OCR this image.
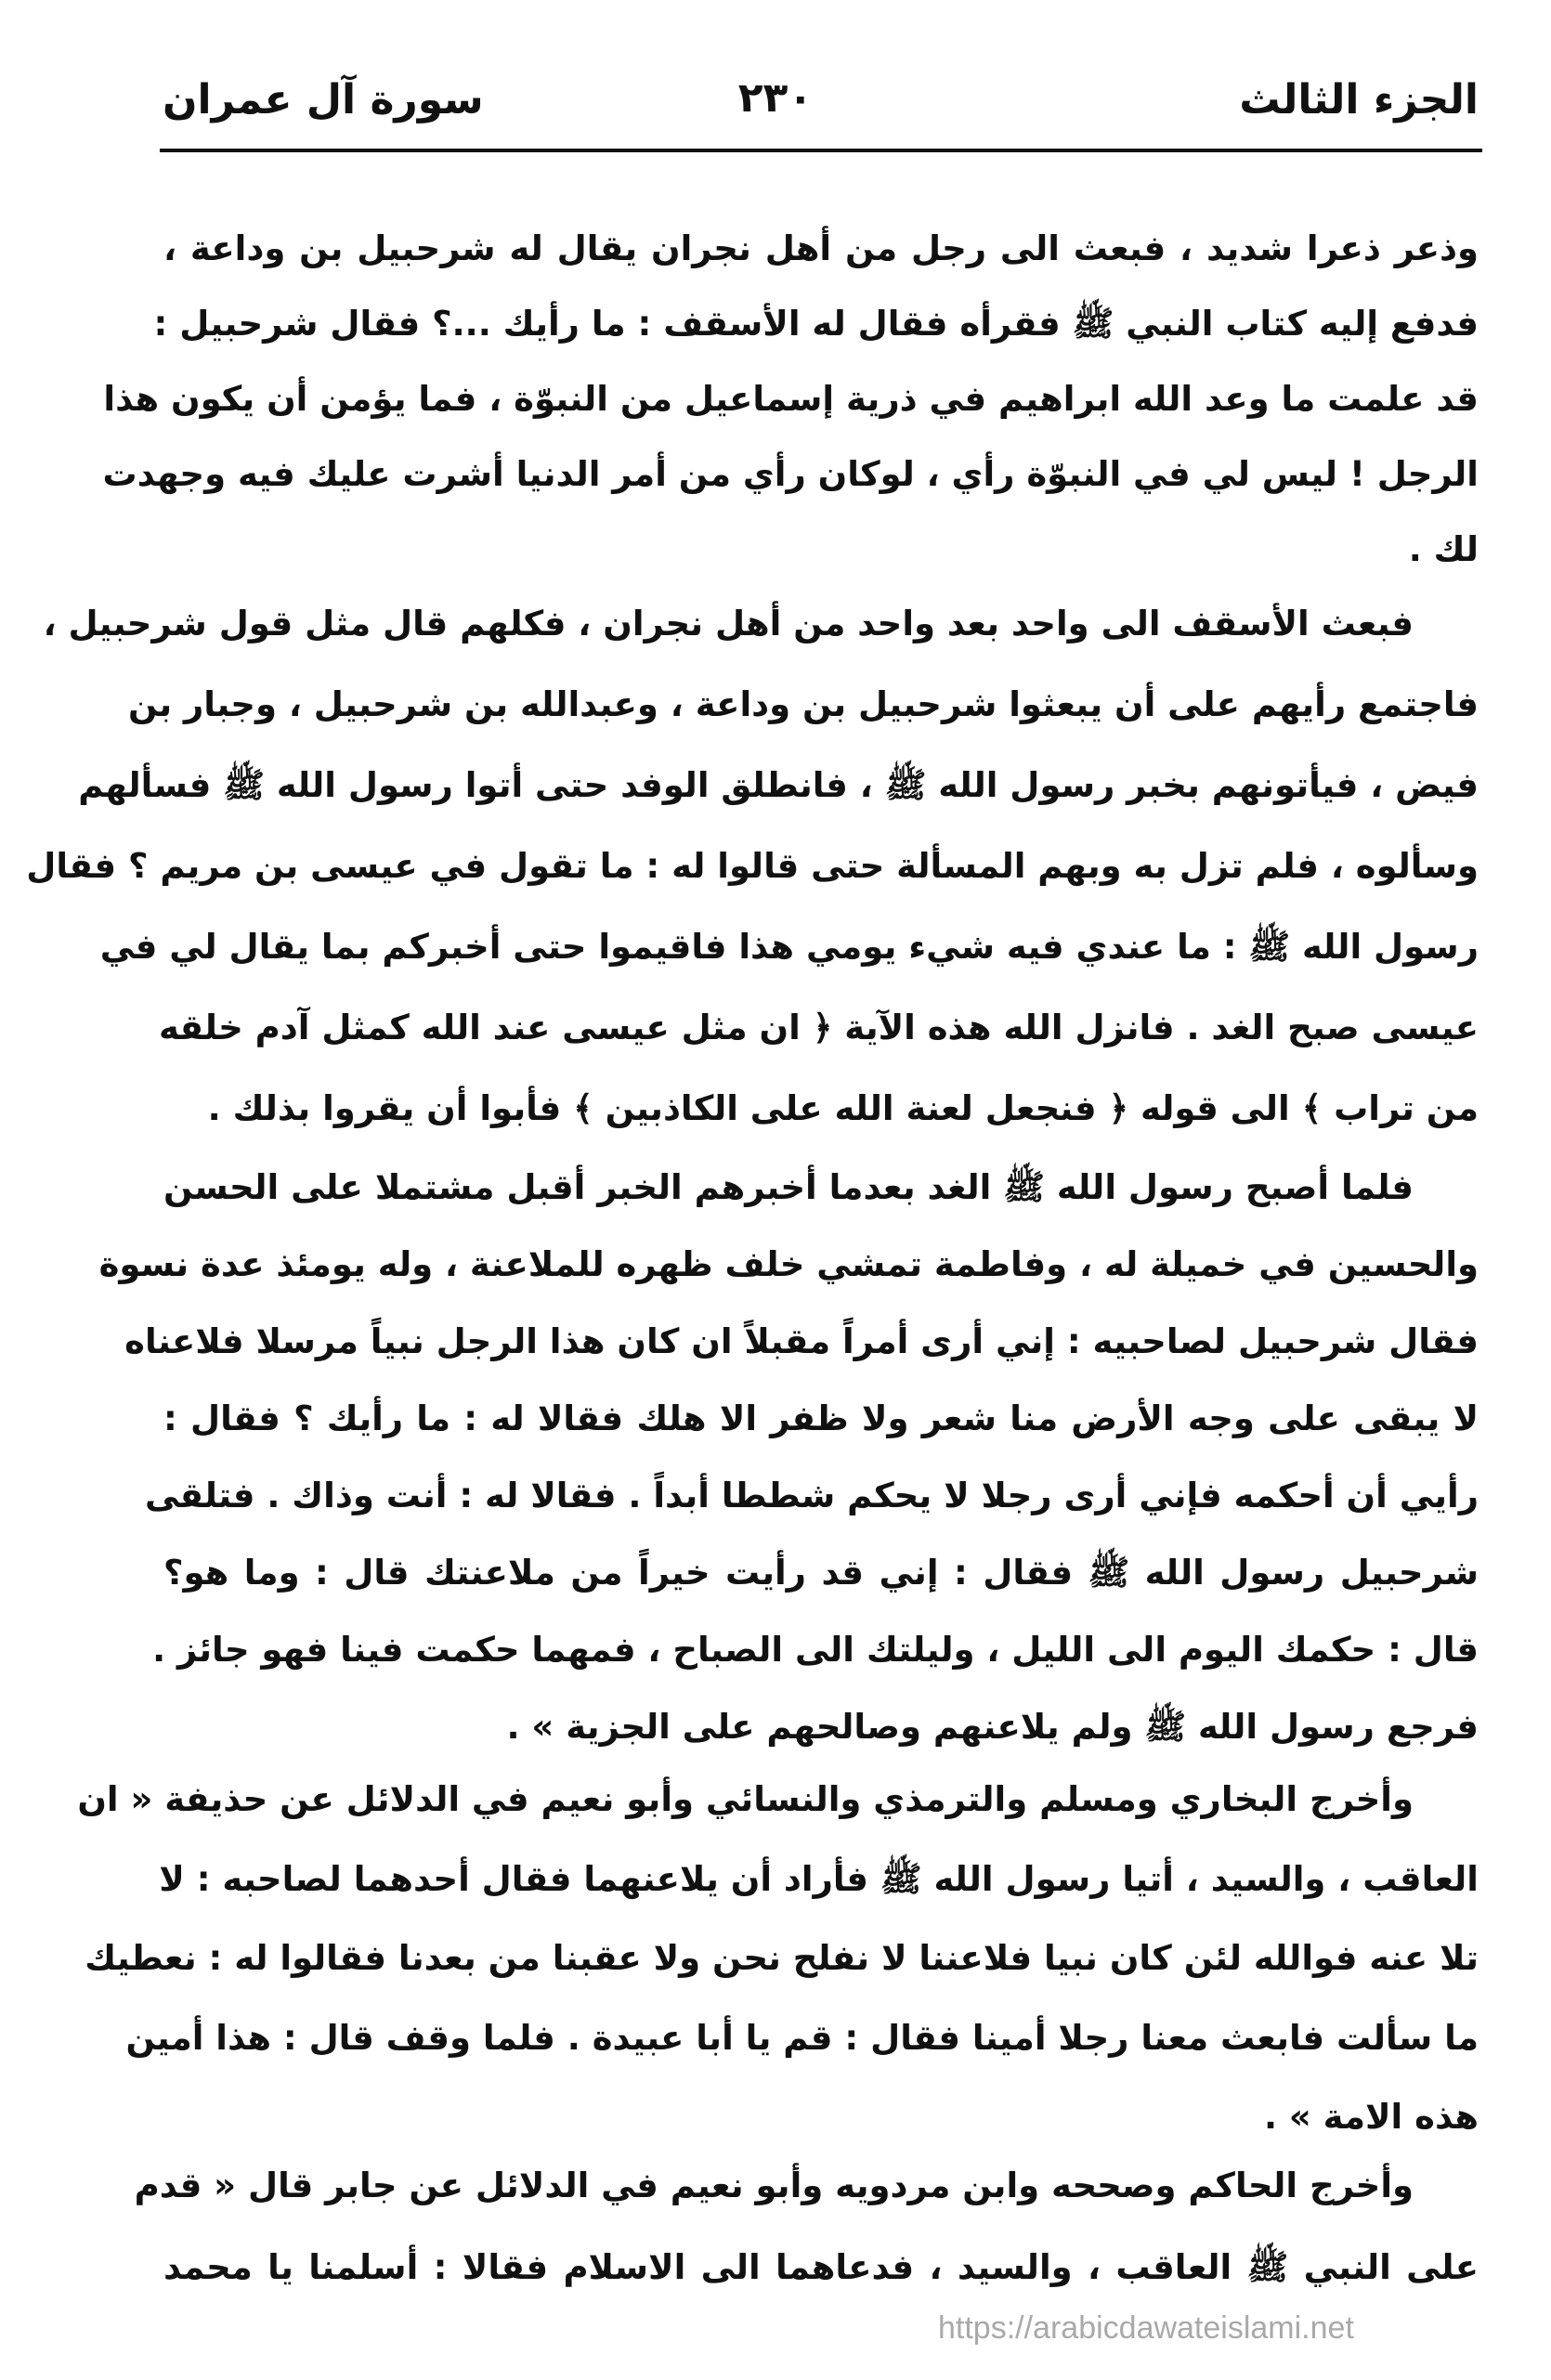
الجزء الثالث
٢٣٠
سورة آل عمران
وذعر ذعرا شديد ، فبعث الى رجل من أهل نجران يقال له شرحبيل بن وداعة ،
فدفع إليه كتاب النبي ﷺ فقرأه فقال له الأسقف : ما رأيك ...؟ فقال شرحبيل :
قد علمت ما وعد الله ابراهيم في ذرية إسماعيل من النبوّة ، فما يؤمن أن يكون هذا
الرجل ! ليس لي في النبوّة رأي ، لوكان رأي من أمر الدنيا أشرت عليك فيه وجهدت
لك .
فبعث الأسقف الى واحد بعد واحد من أهل نجران ، فكلهم قال مثل قول شرحبيل ،
فاجتمع رأيهم على أن يبعثوا شرحبيل بن وداعة ، وعبدالله بن شرحبيل ، وجبار بن
فيض ، فيأتونهم بخبر رسول الله ﷺ ، فانطلق الوفد حتى أتوا رسول الله ﷺ فسألهم
وسألوه ، فلم تزل به وبهم المسألة حتى قالوا له : ما تقول في عيسى بن مريم ؟ فقال
رسول الله ﷺ : ما عندي فيه شيء يومي هذا فاقيموا حتى أخبركم بما يقال لي في
عيسى صبح الغد . فانزل الله هذه الآية ﴿ ان مثل عيسى عند الله كمثل آدم خلقه
من تراب ﴾ الى قوله ﴿ فنجعل لعنة الله على الكاذبين ﴾ فأبوا أن يقروا بذلك .
فلما أصبح رسول الله ﷺ الغد بعدما أخبرهم الخبر أقبل مشتملا على الحسن
والحسين في خميلة له ، وفاطمة تمشي خلف ظهره للملاعنة ، وله يومئذ عدة نسوة
فقال شرحبيل لصاحبيه : إني أرى أمراً مقبلاً ان كان هذا الرجل نبياً مرسلا فلاعناه
لا يبقى على وجه الأرض منا شعر ولا ظفر الا هلك فقالا له : ما رأيك ؟ فقال :
رأيي أن أحكمه فإني أرى رجلا لا يحكم شططا أبداً . فقالا له : أنت وذاك . فتلقى
شرحبيل رسول الله ﷺ فقال : إني قد رأيت خيراً من ملاعنتك قال : وما هو؟
قال : حكمك اليوم الى الليل ، وليلتك الى الصباح ، فمهما حكمت فينا فهو جائز .
فرجع رسول الله ﷺ ولم يلاعنهم وصالحهم على الجزية » .
وأخرج البخاري ومسلم والترمذي والنسائي وأبو نعيم في الدلائل عن حذيفة « ان
العاقب ، والسيد ، أتيا رسول الله ﷺ فأراد أن يلاعنهما فقال أحدهما لصاحبه : لا
تلا عنه فوالله لئن كان نبيا فلاعننا لا نفلح نحن ولا عقبنا من بعدنا فقالوا له : نعطيك
ما سألت فابعث معنا رجلا أمينا فقال : قم يا أبا عبيدة . فلما وقف قال : هذا أمين
هذه الامة » .
وأخرج الحاكم وصححه وابن مردويه وأبو نعيم في الدلائل عن جابر قال « قدم
على النبي ﷺ العاقب ، والسيد ، فدعاهما الى الاسلام فقالا : أسلمنا يا محمد
https://arabicdawateislami.net
